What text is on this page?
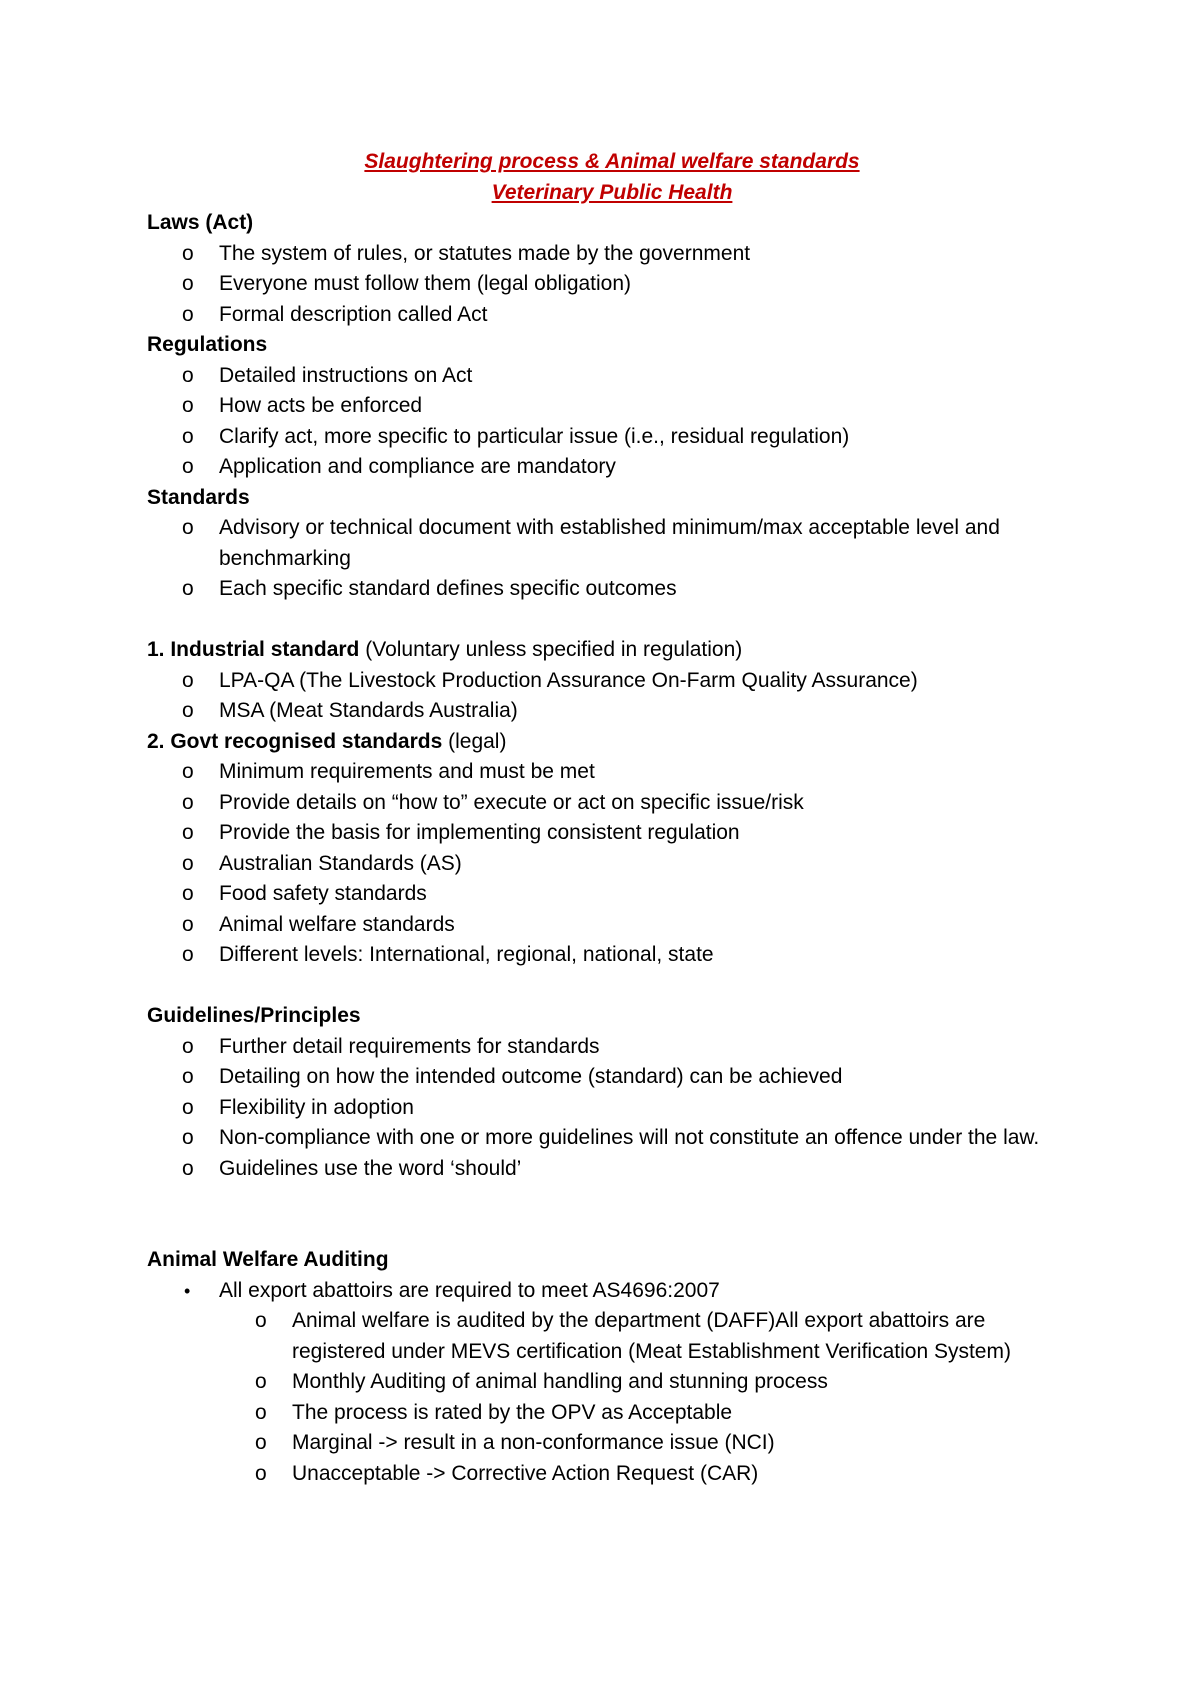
Slaughtering process & Animal welfare standards
Veterinary Public Health
Laws (Act)
o	The system of rules, or statutes made by the government
o	Everyone must follow them (legal obligation)
o	Formal description called Act
Regulations
o	Detailed instructions on Act
o	How acts be enforced
o	Clarify act, more specific to particular issue (i.e., residual regulation)
o	Application and compliance are mandatory
Standards
o	Advisory or technical document with established minimum/max acceptable level and benchmarking
o	Each specific standard defines specific outcomes
1. Industrial standard (Voluntary unless specified in regulation)
o	LPA-QA (The Livestock Production Assurance On-Farm Quality Assurance)
o	MSA (Meat Standards Australia)
2. Govt recognised standards (legal)
o	Minimum requirements and must be met
o	Provide details on “how to” execute or act on specific issue/risk
o	Provide the basis for implementing consistent regulation
o	Australian Standards (AS)
o	Food safety standards
o	Animal welfare standards
o	Different levels: International, regional, national, state
Guidelines/Principles
o	Further detail requirements for standards
o	Detailing on how the intended outcome (standard) can be achieved
o	Flexibility in adoption
o	Non-compliance with one or more guidelines will not constitute an offence under the law.
o	Guidelines use the word ‘should’
Animal Welfare Auditing
•	All export abattoirs are required to meet AS4696:2007
o	Animal welfare is audited by the department (DAFF)All export abattoirs are registered under MEVS certification (Meat Establishment Verification System)
o	Monthly Auditing of animal handling and stunning process
o	The process is rated by the OPV as Acceptable
o	Marginal -> result in a non-conformance issue (NCI)
o	Unacceptable -> Corrective Action Request (CAR)
